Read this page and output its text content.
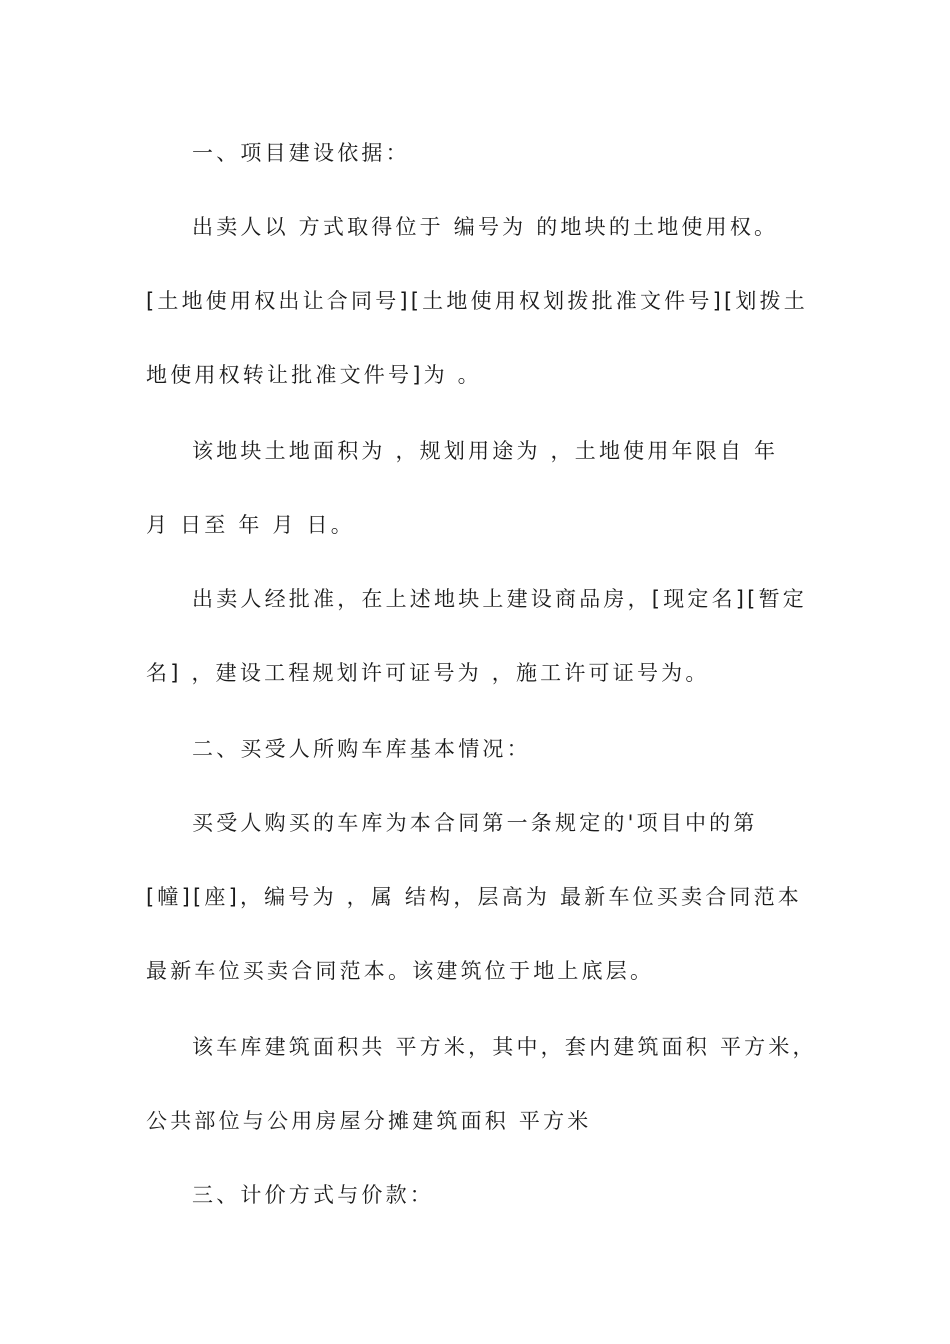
一、项目建设依据：
出卖人以 方式取得位于 编号为 的地块的土地使用权。
[土地使用权出让合同号][土地使用权划拨批准文件号][划拨土
地使用权转让批准文件号]为 。
该地块土地面积为 ，规划用途为 ，土地使用年限自 年
月 日至 年 月 日。
出卖人经批准，在上述地块上建设商品房，[现定名][暂定
名] ，建设工程规划许可证号为 ，施工许可证号为。
二、买受人所购车库基本情况：
买受人购买的车库为本合同第一条规定的'项目中的第
[幢][座]，编号为 ，属 结构，层高为 最新车位买卖合同范本
最新车位买卖合同范本。该建筑位于地上底层。
该车库建筑面积共 平方米，其中，套内建筑面积 平方米，
公共部位与公用房屋分摊建筑面积 平方米
三、计价方式与价款：
